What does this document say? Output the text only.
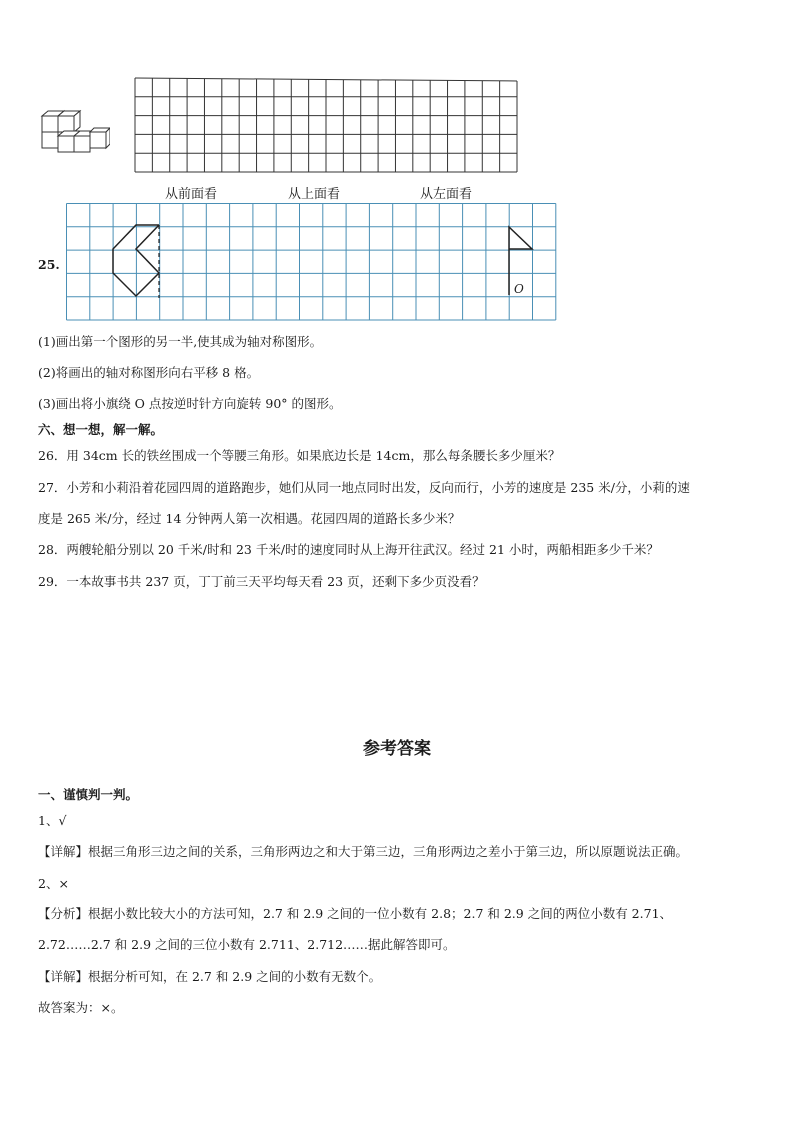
从前面看	从上面看	从左面看
25.
O
(1)画出第一个图形的另一半,使其成为轴对称图形。
(2)将画出的轴对称图形向右平移 8 格。
(3)画出将小旗绕 O 点按逆时针方向旋转 90° 的图形。
六、想一想，解一解。
26．用 34cm 长的铁丝围成一个等腰三角形。如果底边长是 14cm，那么每条腰长多少厘米？
27．小芳和小莉沿着花园四周的道路跑步，她们从同一地点同时出发，反向而行，小芳的速度是 235 米/分，小莉的速
度是 265 米/分，经过 14 分钟两人第一次相遇。花园四周的道路长多少米？
28．两艘轮船分别以 20 千米/时和 23 千米/时的速度同时从上海开往武汉。经过 21 小时，两船相距多少千米？
29．一本故事书共 237 页，丁丁前三天平均每天看 23 页，还剩下多少页没看？
参考答案
一、谨慎判一判。
1、√
【详解】根据三角形三边之间的关系，三角形两边之和大于第三边，三角形两边之差小于第三边，所以原题说法正确。
2、×
【分析】根据小数比较大小的方法可知，2.7 和 2.9 之间的一位小数有 2.8；2.7 和 2.9 之间的两位小数有 2.71、
2.72……2.7 和 2.9 之间的三位小数有 2.711、2.712……据此解答即可。
【详解】根据分析可知，在 2.7 和 2.9 之间的小数有无数个。
故答案为：×。
